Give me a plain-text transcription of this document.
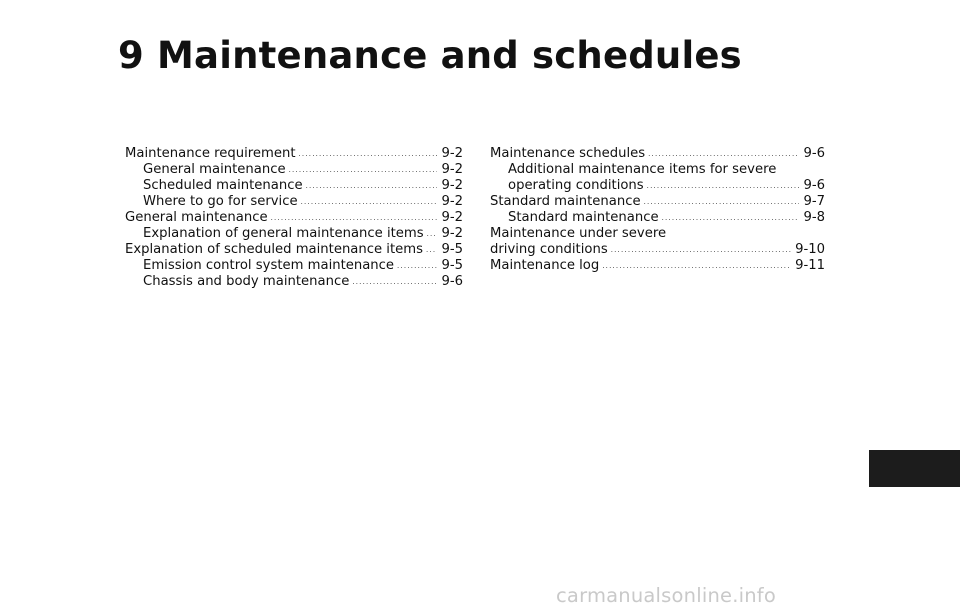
9 Maintenance and schedules
Maintenance requirement .....	9-2
General maintenance .....	9-2
Scheduled maintenance .....	9-2
Where to go for service .....	9-2
General maintenance .....	9-2
Explanation of general maintenance items ..... 9-2
Explanation of scheduled maintenance items ..... 9-5
Emission control system maintenance .....	9-5
Chassis and body maintenance .....	9-6
Maintenance schedules .....	9-6
Additional maintenance items for severe
operating conditions .....	9-6
Standard maintenance .....	9-7
Standard maintenance .....	9-8
Maintenance under severe
driving conditions .....	9-10
Maintenance log .....	9-11
carmanualsonline.info
